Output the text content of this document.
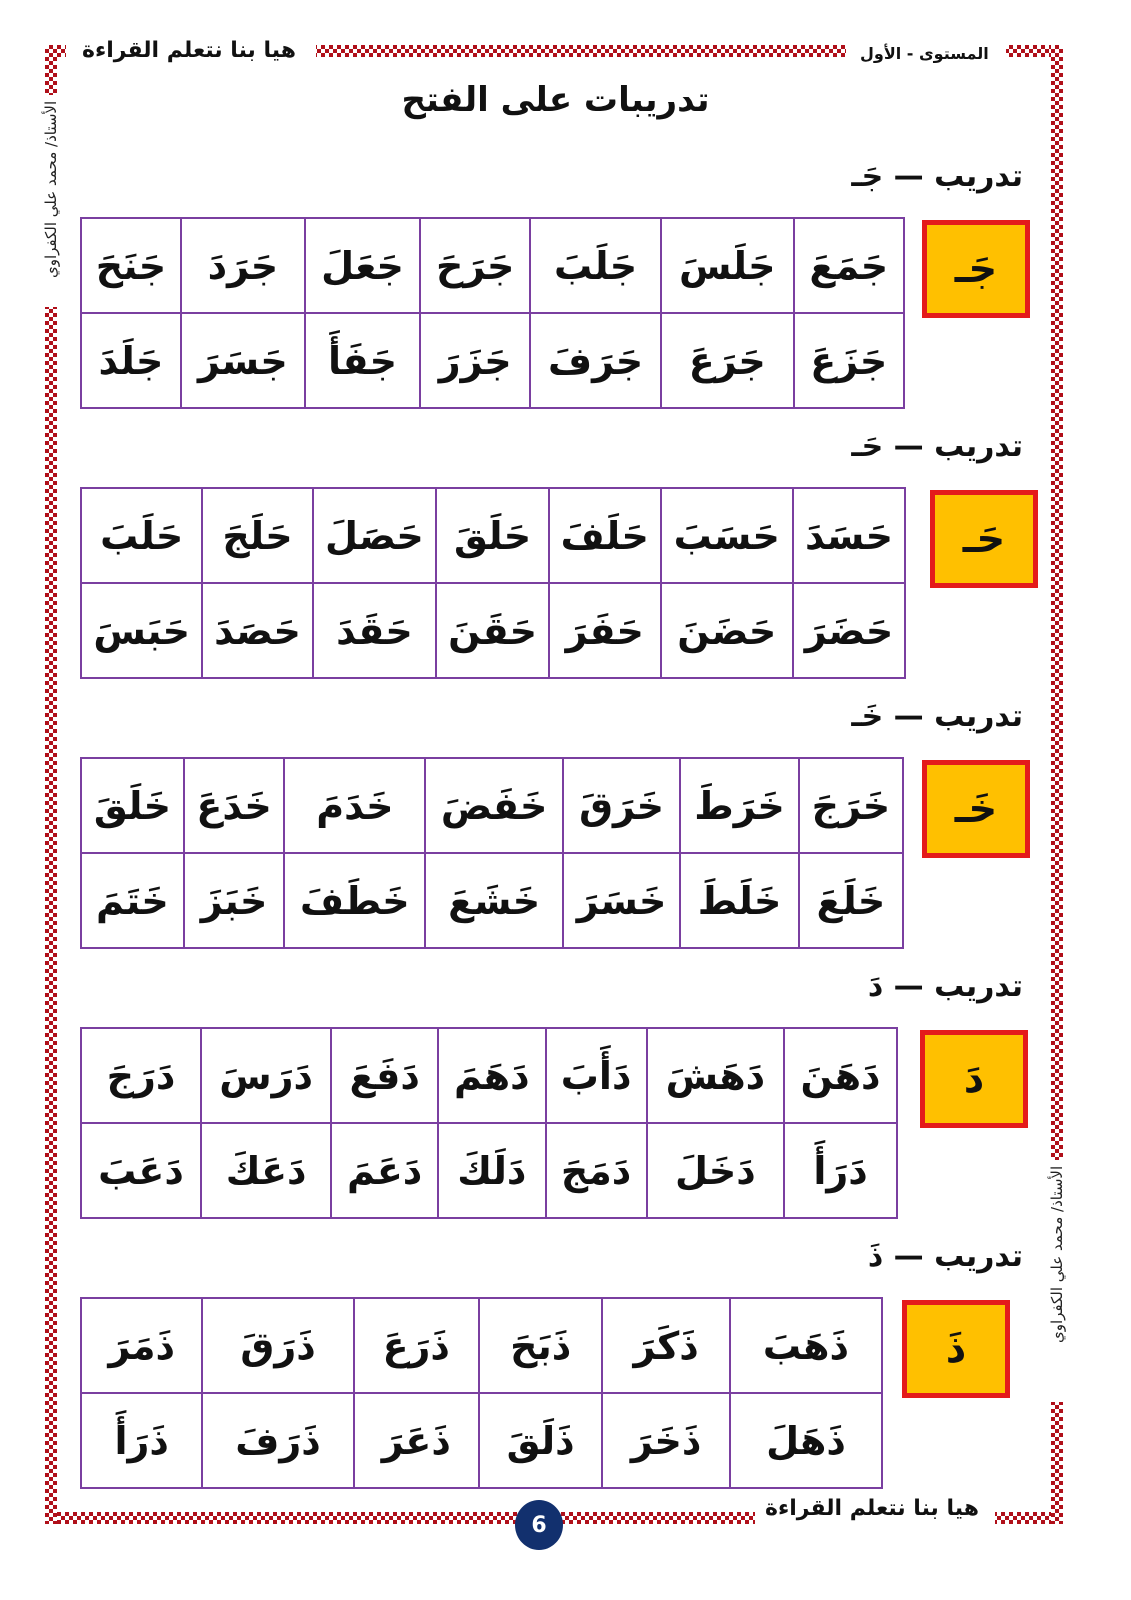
هيا بنا نتعلم القراءة	المستوى - الأول
تدريبات على الفتح
الأستاذ/ محمد علي الكفراوي
الأستاذ/ محمد علي الكفراوي
تدريب — جَـ
جَـ
جَمَعَ	جَلَسَ	جَلَبَ	جَرَحَ	جَعَلَ	جَرَدَ	جَنَحَ
جَزَعَ	جَرَعَ	جَرَفَ	جَزَرَ	جَفَأَ	جَسَرَ	جَلَدَ
تدريب — حَـ
حَـ
حَسَدَ	حَسَبَ	حَلَفَ	حَلَقَ	حَصَلَ	حَلَجَ	حَلَبَ
حَضَرَ	حَضَنَ	حَفَرَ	حَقَنَ	حَقَدَ	حَصَدَ	حَبَسَ
تدريب — خَـ
خَـ
خَرَجَ	خَرَطَ	خَرَقَ	خَفَضَ	خَدَمَ	خَدَعَ	خَلَقَ
خَلَعَ	خَلَطَ	خَسَرَ	خَشَعَ	خَطَفَ	خَبَزَ	خَتَمَ
تدريب — دَ
دَ
دَهَنَ	دَهَشَ	دَأَبَ	دَهَمَ	دَفَعَ	دَرَسَ	دَرَجَ
دَرَأَ	دَخَلَ	دَمَجَ	دَلَكَ	دَعَمَ	دَعَكَ	دَعَبَ
تدريب — ذَ
ذَ
ذَهَبَ	ذَكَرَ	ذَبَحَ	ذَرَعَ	ذَرَقَ	ذَمَرَ
ذَهَلَ	ذَخَرَ	ذَلَقَ	ذَعَرَ	ذَرَفَ	ذَرَأَ
هيا بنا نتعلم القراءة
6
